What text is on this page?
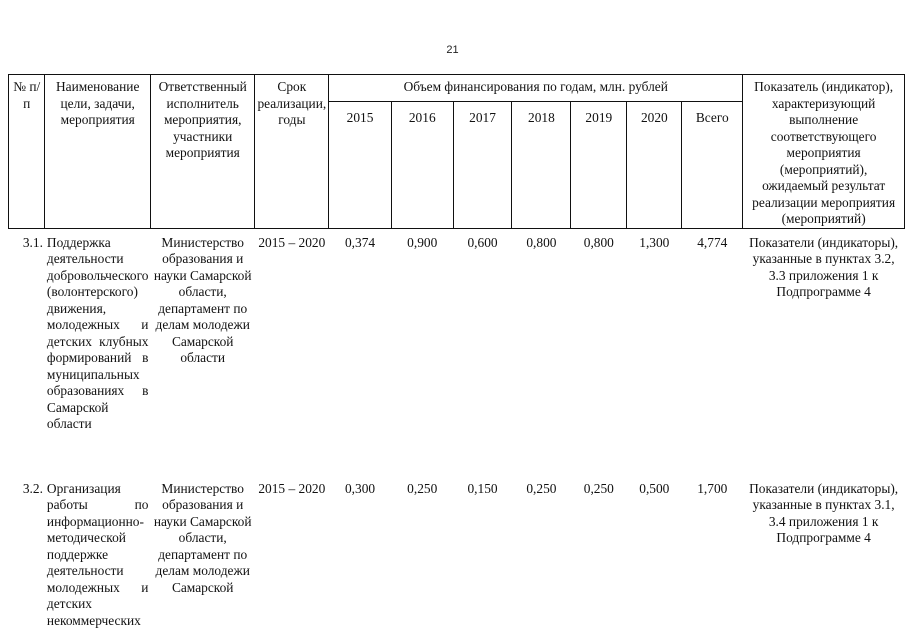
21
№ п/п	Наименование цели, задачи, мероприятия	Ответственный исполнитель мероприятия, участники мероприятия	Срок реализации, годы	Объем финансирования по годам, млн. рублей							Показатель (индикатор), характеризующий выполнение соответствующего мероприятия (мероприятий), ожидаемый результат реализации мероприятия (мероприятий)
				2015	2016	2017	2018	2019	2020	Всего	
3.1.	Поддержка деятельности добровольческого (волонтерского) движения, молодежных и детских клубных формирований в муниципальных образованиях в Самарской области	Министерство образования и науки Самарской области, департамент по делам молодежи Самарской области	2015 – 2020	0,374	0,900	0,600	0,800	0,800	1,300	4,774	Показатели (индикаторы), указанные в пунктах 3.2, 3.3 приложения 1 к Подпрограмме 4
3.2.	Организация работы по информационно-методической поддержке деятельности молодежных и детских некоммерческих	Министерство образования и науки Самарской области, департамент по делам молодежи Самарской	2015 – 2020	0,300	0,250	0,150	0,250	0,250	0,500	1,700	Показатели (индикаторы), указанные в пунктах 3.1, 3.4 приложения 1 к Подпрограмме 4
